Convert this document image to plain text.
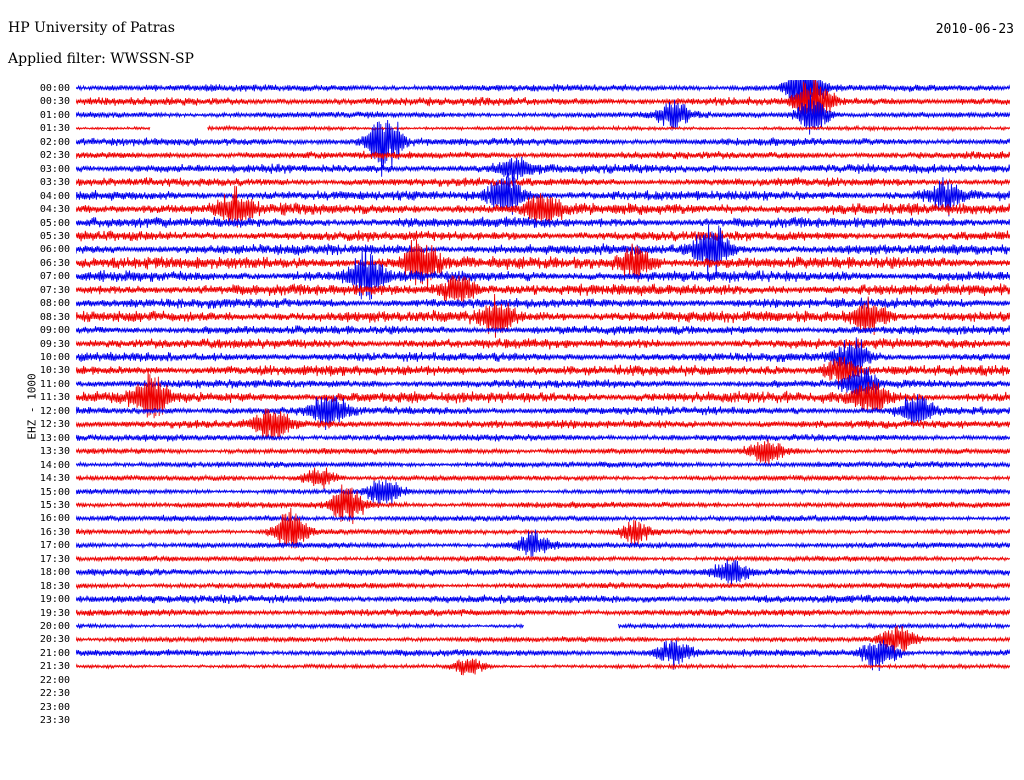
HP University of Patras	2010-06-23
Applied filter: WWSSN-SP
EHZ - 1000
00:00
00:30
01:00
01:30
02:00
02:30
03:00
03:30
04:00
04:30
05:00
05:30
06:00
06:30
07:00
07:30
08:00
08:30
09:00
09:30
10:00
10:30
11:00
11:30
12:00
12:30
13:00
13:30
14:00
14:30
15:00
15:30
16:00
16:30
17:00
17:30
18:00
18:30
19:00
19:30
20:00
20:30
21:00
21:30
22:00
22:30
23:00
23:30
